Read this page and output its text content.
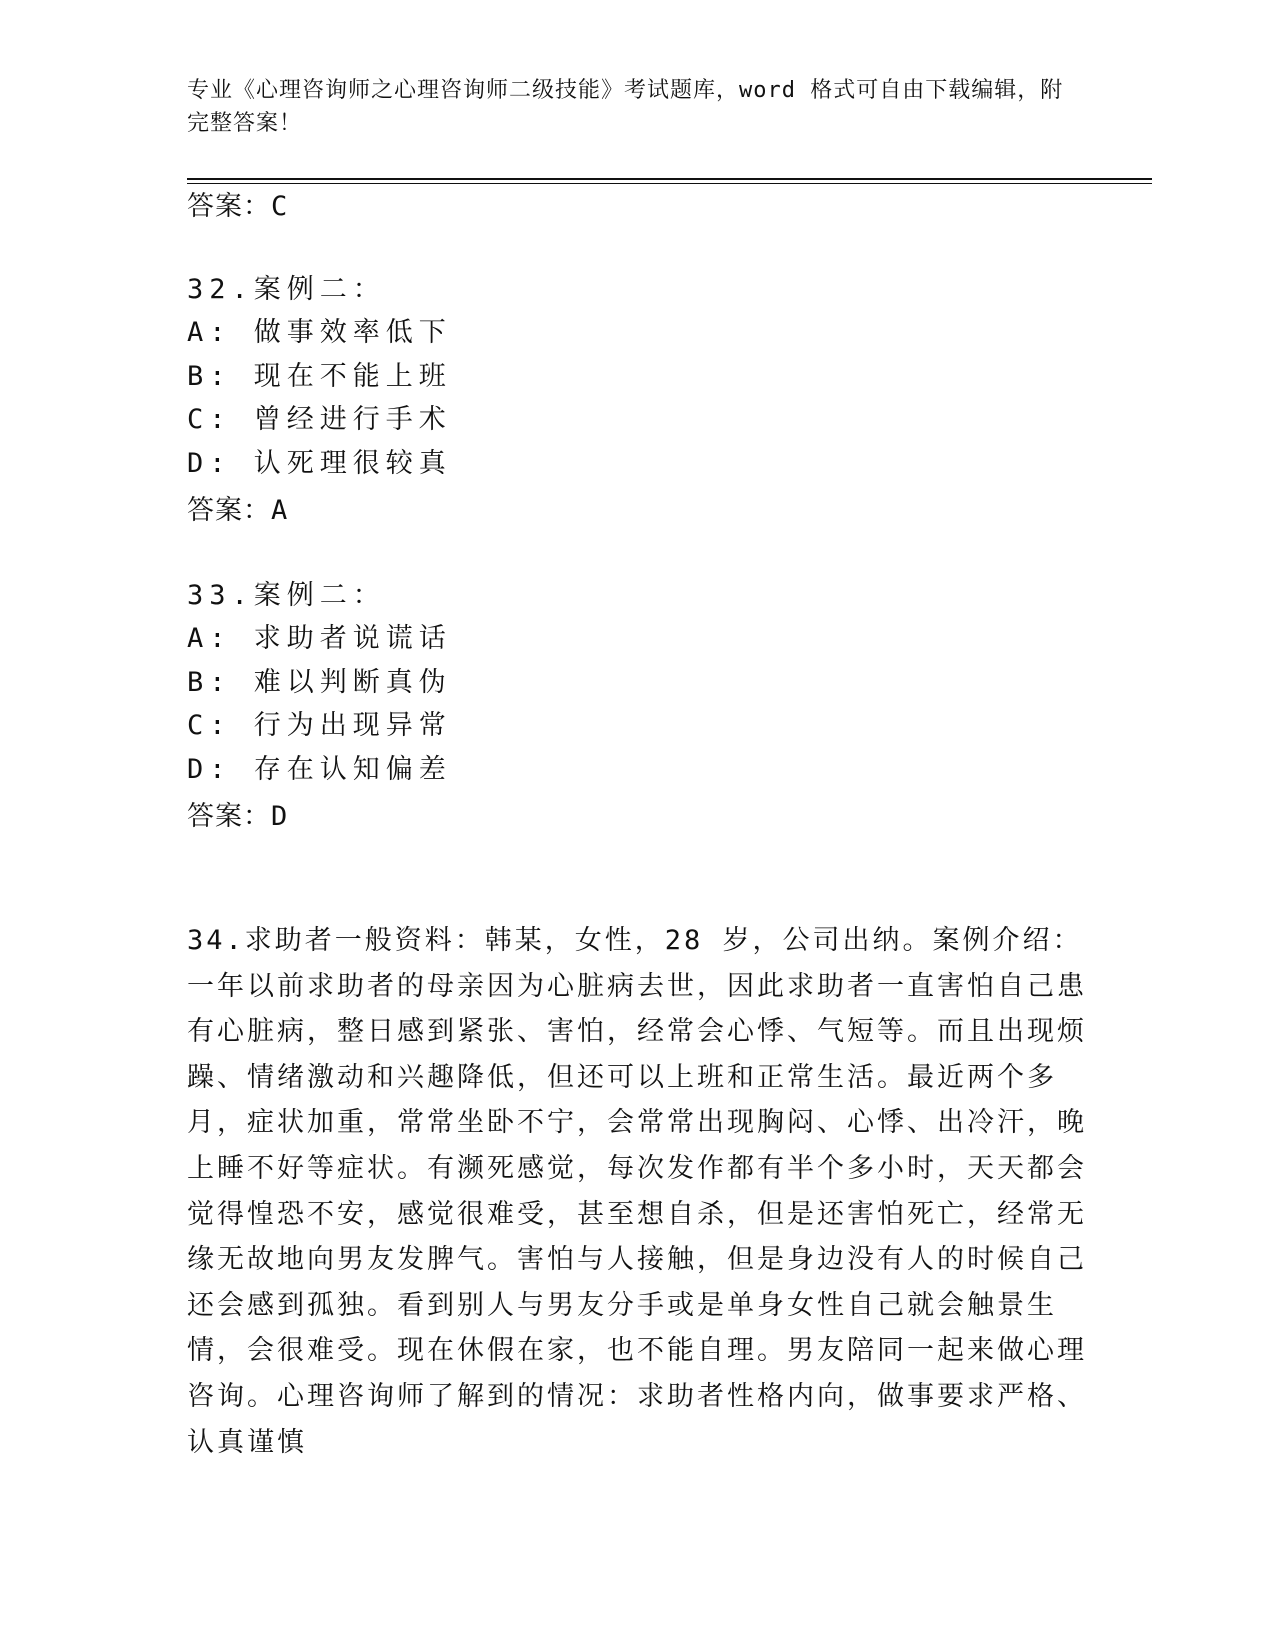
专业《心理咨询师之心理咨询师二级技能》考试题库，word 格式可自由下载编辑，附完整答案！
答案：C
32.案例二：
A: 做事效率低下
B: 现在不能上班
C: 曾经进行手术
D: 认死理很较真
答案：A
33.案例二：
A: 求助者说谎话
B: 难以判断真伪
C: 行为出现异常
D: 存在认知偏差
答案：D
34.求助者一般资料：韩某，女性，28 岁，公司出纳。案例介绍：一年以前求助者的母亲因为心脏病去世，因此求助者一直害怕自己患有心脏病，整日感到紧张、害怕，经常会心悸、气短等。而且出现烦躁、情绪激动和兴趣降低，但还可以上班和正常生活。最近两个多月，症状加重，常常坐卧不宁，会常常出现胸闷、心悸、出冷汗，晚上睡不好等症状。有濒死感觉，每次发作都有半个多小时，天天都会觉得惶恐不安，感觉很难受，甚至想自杀，但是还害怕死亡，经常无缘无故地向男友发脾气。害怕与人接触，但是身边没有人的时候自己还会感到孤独。看到别人与男友分手或是单身女性自己就会触景生情，会很难受。现在休假在家，也不能自理。男友陪同一起来做心理咨询。心理咨询师了解到的情况：求助者性格内向，做事要求严格、认真谨慎
